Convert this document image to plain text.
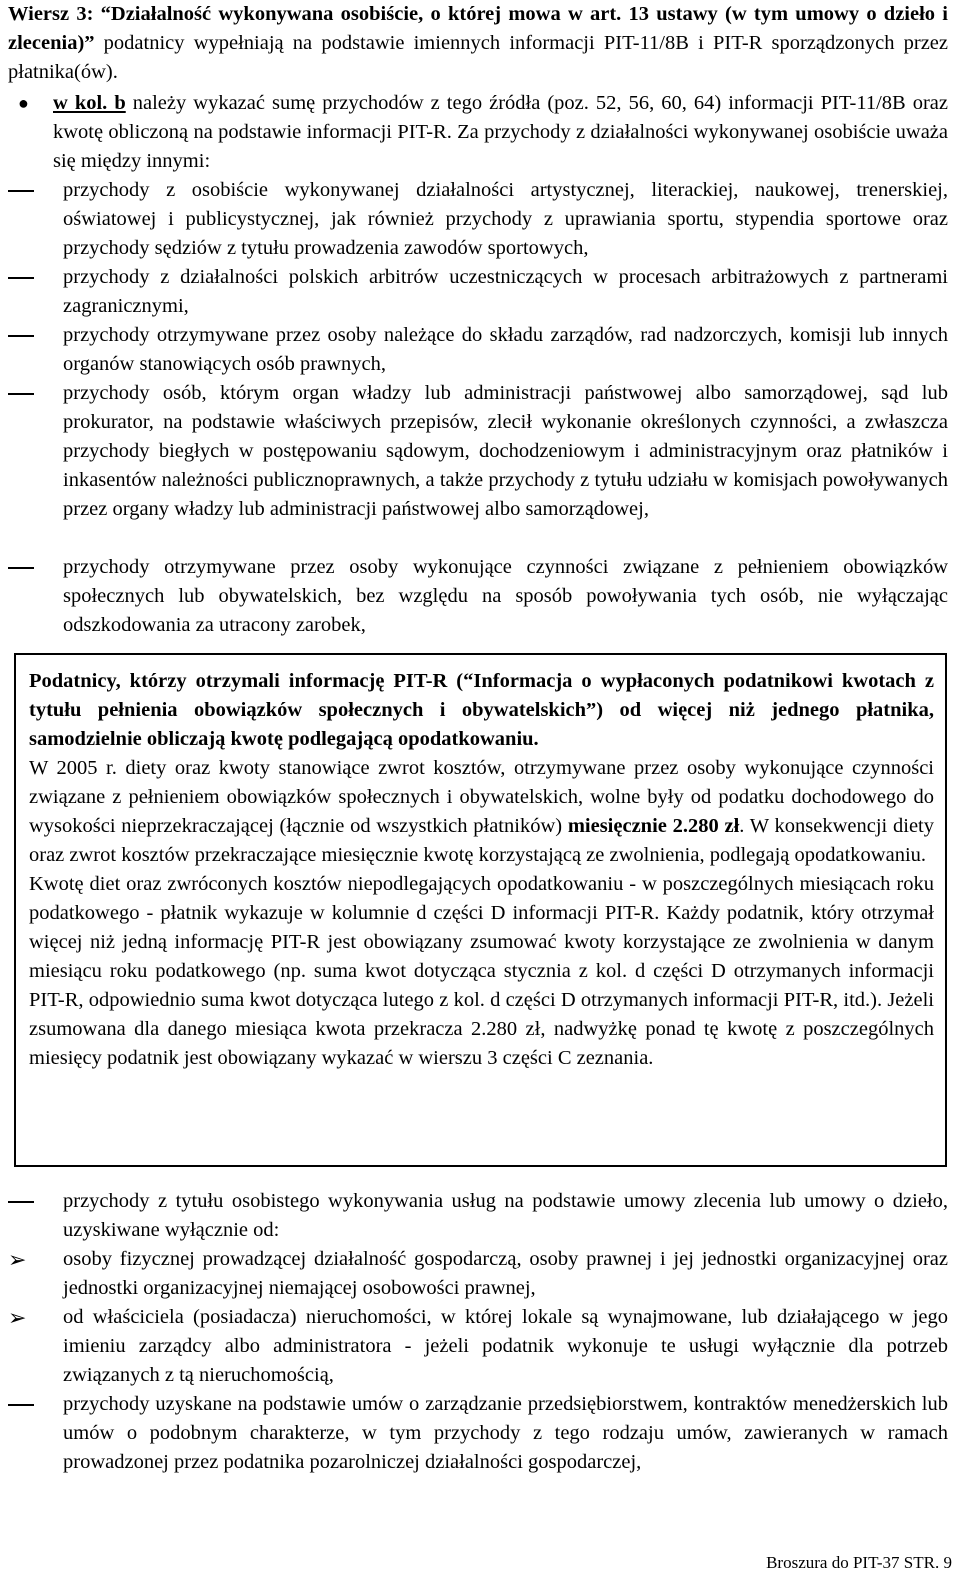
Wiersz 3: “Działalność wykonywana osobiście, o której mowa w art. 13 ustawy (w tym umowy o dzieło i zlecenia)” podatnicy wypełniają na podstawie imiennych informacji PIT-11/8B i PIT-R sporządzonych przez płatnika(ów).
● w kol. b należy wykazać sumę przychodów z tego źródła (poz. 52, 56, 60, 64) informacji PIT-11/8B oraz kwotę obliczoną na podstawie informacji PIT-R. Za przychody z działalności wykonywanej osobiście uważa się między innymi:
przychody z osobiście wykonywanej działalności artystycznej, literackiej, naukowej, trenerskiej, oświatowej i publicystycznej, jak również przychody z uprawiania sportu, stypendia sportowe oraz przychody sędziów z tytułu prowadzenia zawodów sportowych,
przychody z działalności polskich arbitrów uczestniczących w procesach arbitrażowych z partnerami zagranicznymi,
przychody otrzymywane przez osoby należące do składu zarządów, rad nadzorczych, komisji lub innych organów stanowiących osób prawnych,
przychody osób, którym organ władzy lub administracji państwowej albo samorządowej, sąd lub prokurator, na podstawie właściwych przepisów, zlecił wykonanie określonych czynności, a zwłaszcza przychody biegłych w postępowaniu sądowym, dochodzeniowym i administracyjnym oraz płatników i inkasentów należności publicznoprawnych, a także przychody z tytułu udziału w komisjach powoływanych przez organy władzy lub administracji państwowej albo samorządowej,
przychody otrzymywane przez osoby wykonujące czynności związane z pełnieniem obowiązków społecznych lub obywatelskich, bez względu na sposób powoływania tych osób, nie wyłączając odszkodowania za utracony zarobek,
Podatnicy, którzy otrzymali informację PIT-R (“Informacja o wypłaconych podatnikowi kwotach z tytułu pełnienia obowiązków społecznych i obywatelskich”) od więcej niż jednego płatnika, samodzielnie obliczają kwotę podlegającą opodatkowaniu.
W 2005 r. diety oraz kwoty stanowiące zwrot kosztów, otrzymywane przez osoby wykonujące czynności związane z pełnieniem obowiązków społecznych i obywatelskich, wolne były od podatku dochodowego do wysokości nieprzekraczającej (łącznie od wszystkich płatników) miesięcznie 2.280 zł. W konsekwencji diety oraz zwrot kosztów przekraczające miesięcznie kwotę korzystającą ze zwolnienia, podlegają opodatkowaniu.
Kwotę diet oraz zwróconych kosztów niepodlegających opodatkowaniu - w poszczególnych miesiącach roku podatkowego - płatnik wykazuje w kolumnie d części D informacji PIT-R. Każdy podatnik, który otrzymał więcej niż jedną informację PIT-R jest obowiązany zsumować kwoty korzystające ze zwolnienia w danym miesiącu roku podatkowego (np. suma kwot dotycząca stycznia z kol. d części D otrzymanych informacji PIT-R, odpowiednio suma kwot dotycząca lutego z kol. d części D otrzymanych informacji PIT-R, itd.). Jeżeli zsumowana dla danego miesiąca kwota przekracza 2.280 zł, nadwyżkę ponad tę kwotę z poszczególnych miesięcy podatnik jest obowiązany wykazać w wierszu 3 części C zeznania.
przychody z tytułu osobistego wykonywania usług na podstawie umowy zlecenia lub umowy o dzieło, uzyskiwane wyłącznie od:
➢ osoby fizycznej prowadzącej działalność gospodarczą, osoby prawnej i jej jednostki organizacyjnej oraz jednostki organizacyjnej niemającej osobowości prawnej,
➢ od właściciela (posiadacza) nieruchomości, w której lokale są wynajmowane, lub działającego w jego imieniu zarządcy albo administratora - jeżeli podatnik wykonuje te usługi wyłącznie dla potrzeb związanych z tą nieruchomością,
przychody uzyskane na podstawie umów o zarządzanie przedsiębiorstwem, kontraktów menedżerskich lub umów o podobnym charakterze, w tym przychody z tego rodzaju umów, zawieranych w ramach prowadzonej przez podatnika pozarolniczej działalności gospodarczej,
Broszura do PIT-37 STR. 9
